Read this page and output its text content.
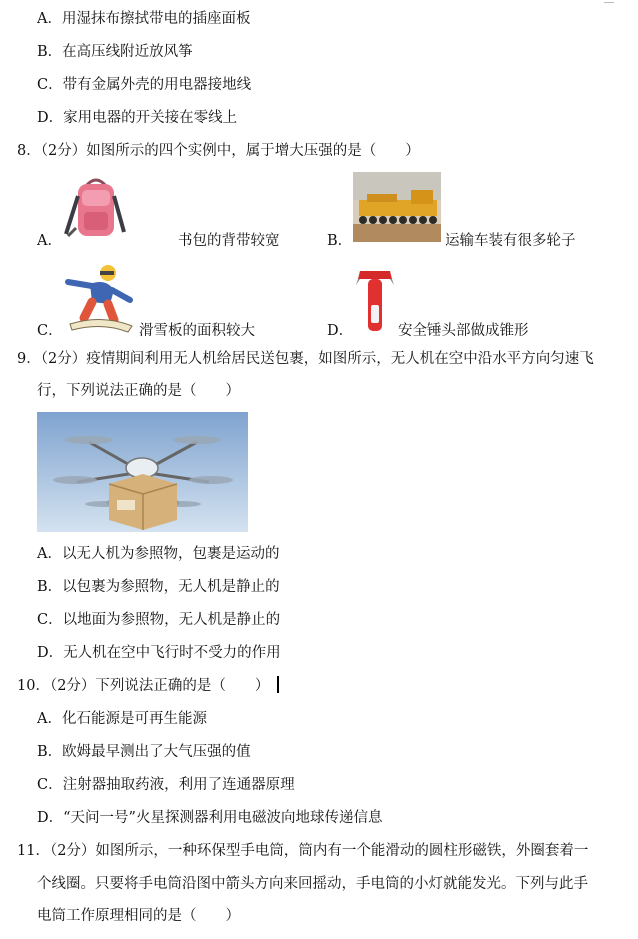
A．用湿抹布擦拭带电的插座面板
B．在高压线附近放风筝
C．带有金属外壳的用电器接地线
D．家用电器的开关接在零线上
8．（2分）如图所示的四个实例中，属于增大压强的是（　　）
A．	书包的背带较宽	B．	运输车装有很多轮子
C．	滑雪板的面积较大	D．	安全锤头部做成锥形
9．（2分）疫情期间利用无人机给居民送包裹，如图所示，无人机在空中沿水平方向匀速飞
行，下列说法正确的是（　　）
A．以无人机为参照物，包裹是运动的
B．以包裹为参照物，无人机是静止的
C．以地面为参照物，无人机是静止的
D．无人机在空中飞行时不受力的作用
10．（2分）下列说法正确的是（　　）
A．化石能源是可再生能源
B．欧姆最早测出了大气压强的值
C．注射器抽取药液，利用了连通器原理
D．“天问一号”火星探测器利用电磁波向地球传递信息
11．（2分）如图所示，一种环保型手电筒，筒内有一个能滑动的圆柱形磁铁，外圈套着一
个线圈。只要将手电筒沿图中箭头方向来回摇动，手电筒的小灯就能发光。下列与此手
电筒工作原理相同的是（　　）
